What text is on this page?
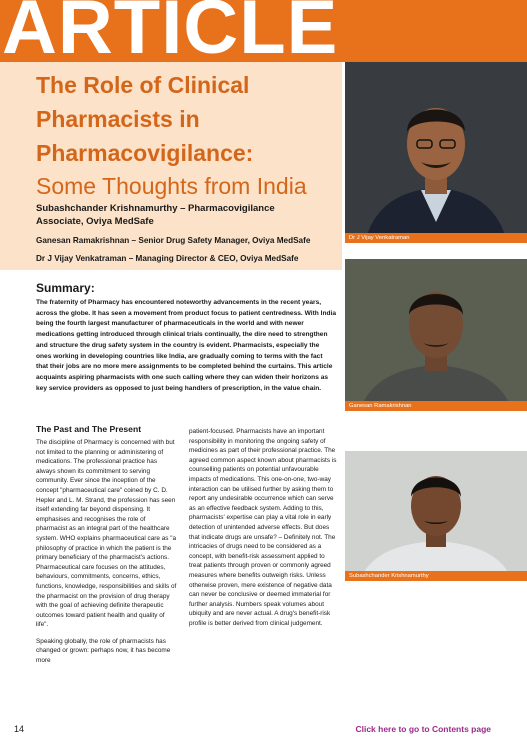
ARTICLE
The Role of Clinical Pharmacists in Pharmacovigilance:
Some Thoughts from India
Subashchander Krishnamurthy – Pharmacovigilance Associate, Oviya MedSafe
Ganesan Ramakrishnan – Senior Drug Safety Manager, Oviya MedSafe
Dr J Vijay Venkatraman – Managing Director & CEO, Oviya MedSafe
Dr J Vijay Venkatraman
Ganesan Ramakrishnan
Subashchander Krishnamurthy
Summary:
The fraternity of Pharmacy has encountered noteworthy advancements in the recent years, across the globe. It has seen a movement from product focus to patient centredness. With India being the fourth largest manufacturer of pharmaceuticals in the world and with newer medications getting introduced through clinical trials continually, the dire need to strengthen and structure the drug safety system in the country is evident. Pharmacists, especially the ones working in developing countries like India, are gradually coming to terms with the fact that their jobs are no more mere assignments to be completed behind the curtains. This article acquaints aspiring pharmacists with one such calling where they can widen their horizons as key service providers as opposed to just being handlers of prescription, in the value chain.
The Past and The Present

The discipline of Pharmacy is concerned with but not limited to the planning or administering of medications. The professional practice has always shown its commitment to serving community. Ever since the inception of the concept "pharmaceutical care" coined by C. D. Hepler and L. M. Strand, the profession has seen itself extending far beyond dispensing. It emphasises and recognises the role of pharmacist as an integral part of the healthcare system. WHO explains pharmaceutical care as "a philosophy of practice in which the patient is the primary beneficiary of the pharmacist's actions. Pharmaceutical care focuses on the attitudes, behaviours, commitments, concerns, ethics, functions, knowledge, responsibilities and skills of the pharmacist on the provision of drug therapy with the goal of achieving definite therapeutic outcomes toward patient health and quality of life".

Speaking globally, the role of pharmacists has changed or grown: perhaps now, it has become more

patient-focused. Pharmacists have an important responsibility in monitoring the ongoing safety of medicines as part of their professional practice. The agreed common aspect known about pharmacists is counselling patients on potential unfavourable impacts of medications. This one-on-one, two-way interaction can be utilised further by asking them to report any undesirable occurrence which can serve as an effective feedback system. Adding to this, pharmacists' expertise can play a vital role in early detection of unintended adverse effects. But does that indicate drugs are unsafe? – Definitely not. The intricacies of drugs need to be considered as a concept, with benefit-risk assessment applied to treat patients through proven or commonly agreed measures where benefits outweigh risks. Unless otherwise proven, mere existence of negative data can never be conclusive or deemed immaterial for further analysis. Numbers speak volumes about ubiquity and are never actual. A drug's benefit-risk profile is better derived from clinical judgement.

14	Click here to go to Contents page
